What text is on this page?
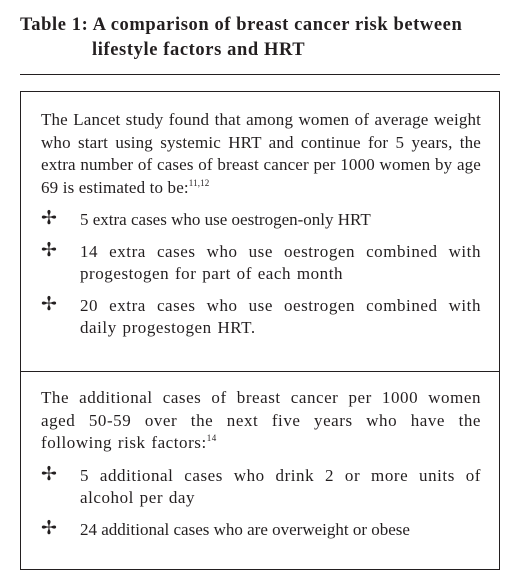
Table 1: A comparison of breast cancer risk between
lifestyle factors and HRT

The Lancet study found that among women of average weight who start using systemic HRT and continue for 5 years, the extra number of cases of breast cancer per 1000 women by age 69 is estimated to be:$^{11,12}$

✢ 5 extra cases who use oestrogen-only HRT
✢ 14 extra cases who use oestrogen combined with progestogen for part of each month
✢ 20 extra cases who use oestrogen combined with daily progestogen HRT.

The additional cases of breast cancer per 1000 women aged 50-59 over the next five years who have the following risk factors:$^{14}$

✢ 5 additional cases who drink 2 or more units of alcohol per day
✢ 24 additional cases who are overweight or obese
